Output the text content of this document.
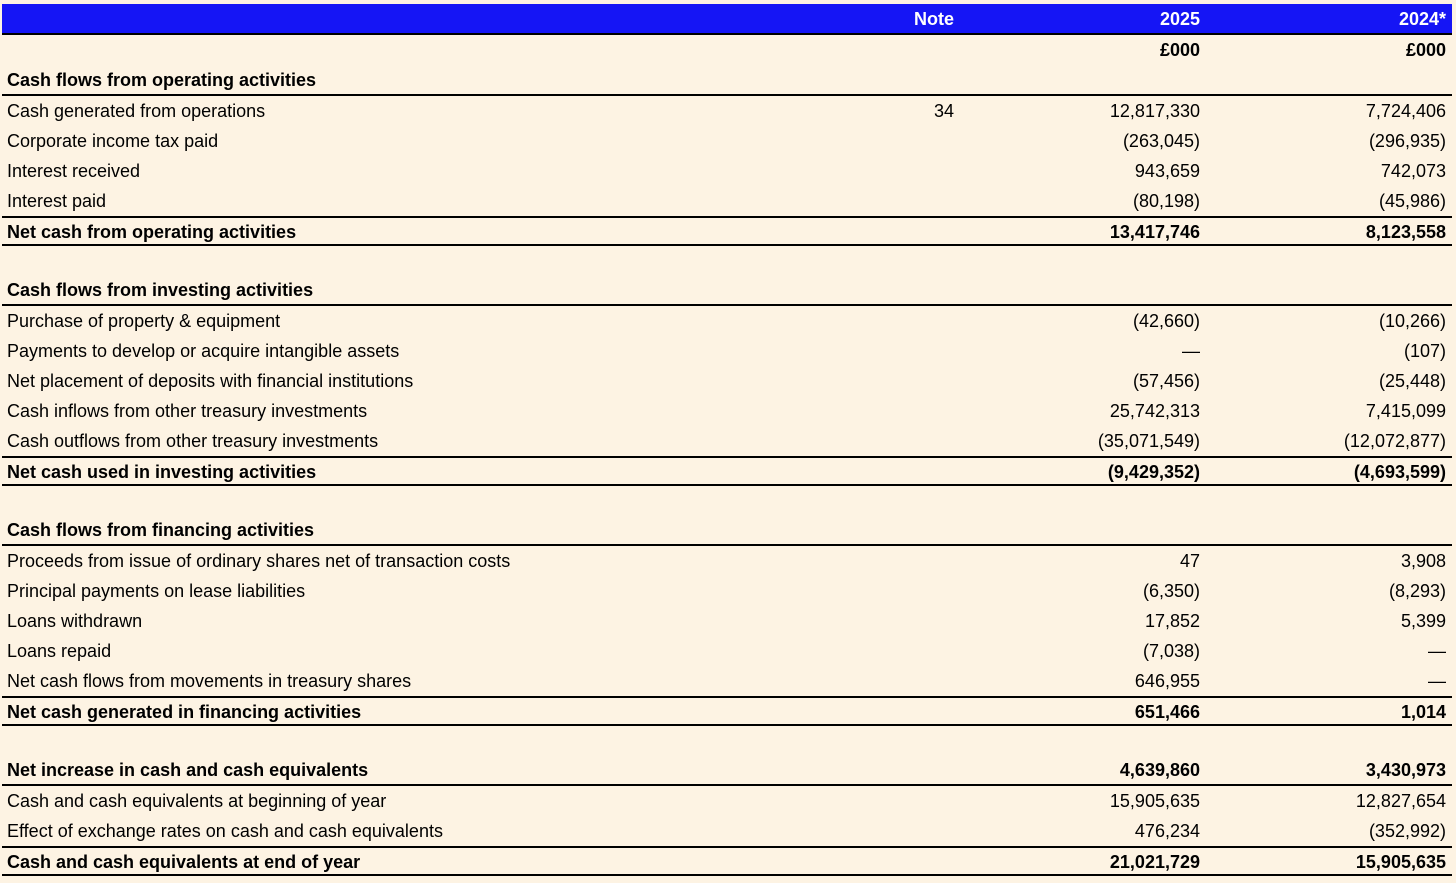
Note	2025	2024*
£000	£000
Cash flows from operating activities
Cash generated from operations	34	12,817,330	7,724,406
Corporate income tax paid	(263,045)	(296,935)
Interest received	943,659	742,073
Interest paid	(80,198)	(45,986)
Net cash from operating activities	13,417,746	8,123,558
Cash flows from investing activities
Purchase of property & equipment	(42,660)	(10,266)
Payments to develop or acquire intangible assets	—	(107)
Net placement of deposits with financial institutions	(57,456)	(25,448)
Cash inflows from other treasury investments	25,742,313	7,415,099
Cash outflows from other treasury investments	(35,071,549)	(12,072,877)
Net cash used in investing activities	(9,429,352)	(4,693,599)
Cash flows from financing activities
Proceeds from issue of ordinary shares net of transaction costs	47	3,908
Principal payments on lease liabilities	(6,350)	(8,293)
Loans withdrawn	17,852	5,399
Loans repaid	(7,038)	—
Net cash flows from movements in treasury shares	646,955	—
Net cash generated in financing activities	651,466	1,014
Net increase in cash and cash equivalents	4,639,860	3,430,973
Cash and cash equivalents at beginning of year	15,905,635	12,827,654
Effect of exchange rates on cash and cash equivalents	476,234	(352,992)
Cash and cash equivalents at end of year	21,021,729	15,905,635
